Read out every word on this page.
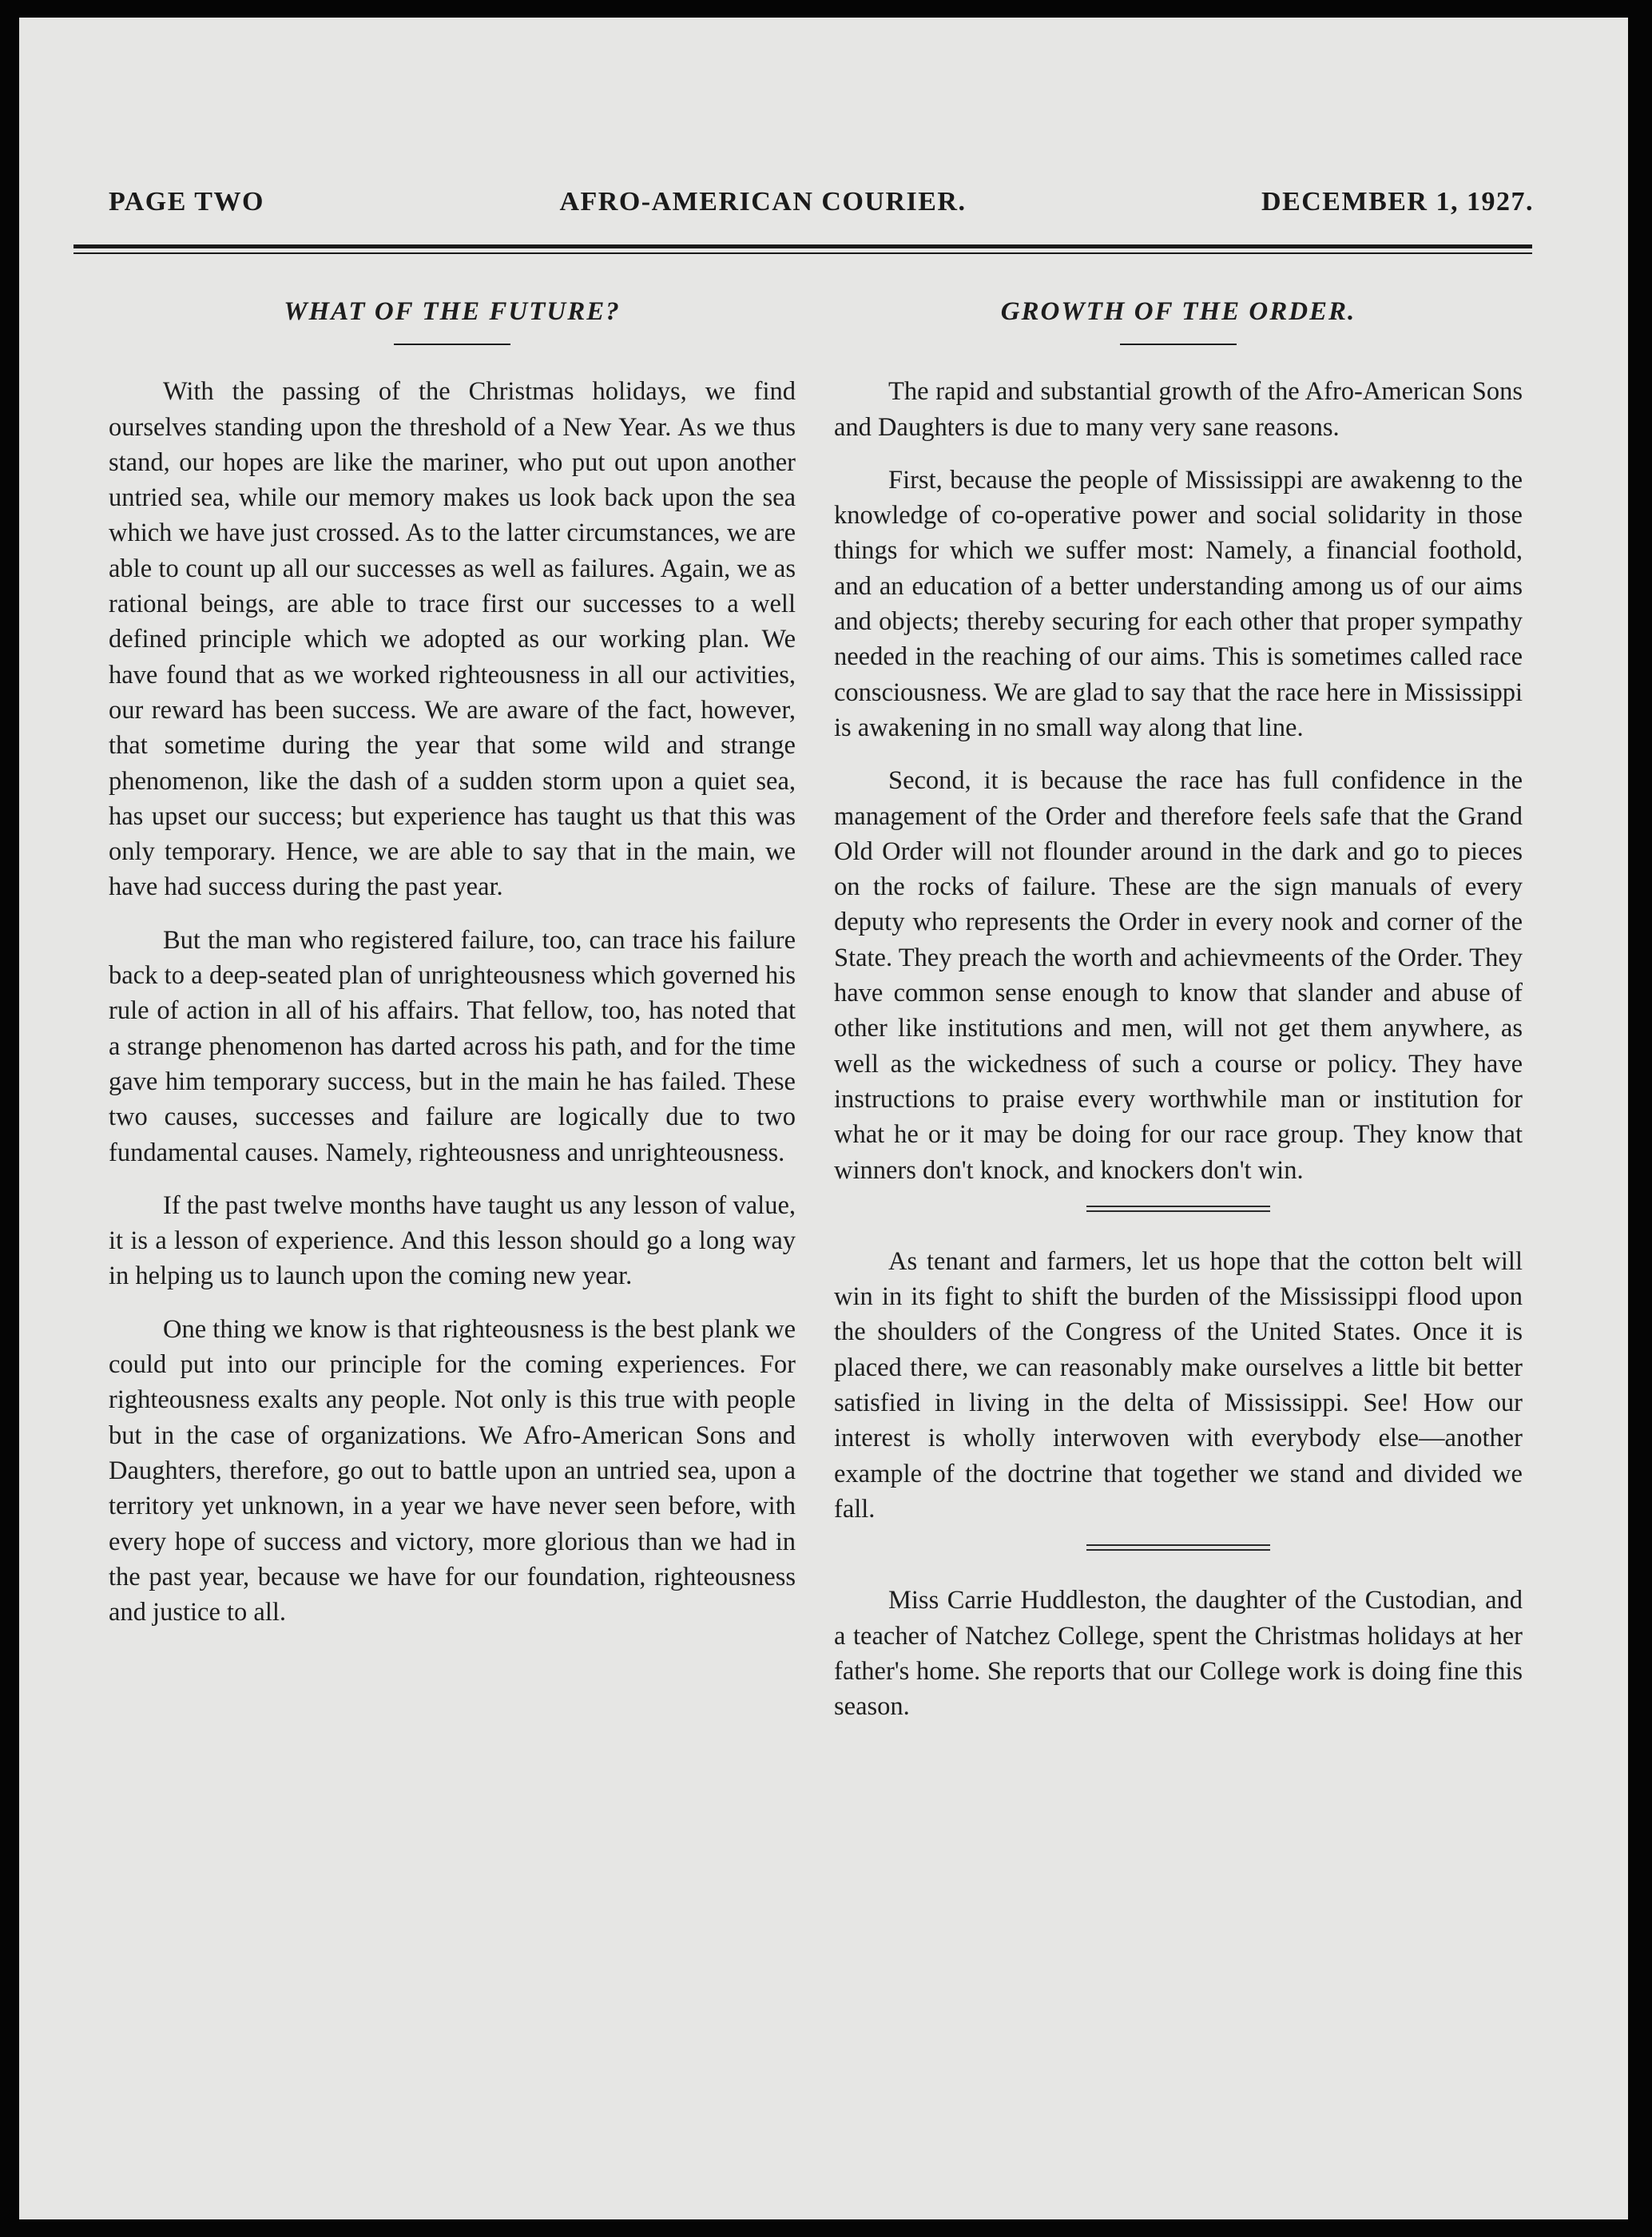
PAGE TWO	AFRO-AMERICAN COURIER.	DECEMBER 1, 1927.
WHAT OF THE FUTURE?

With the passing of the Christmas holidays, we find ourselves standing upon the threshold of a New Year. As we thus stand, our hopes are like the mariner, who put out upon another untried sea, while our memory makes us look back upon the sea which we have just crossed. As to the latter circumstances, we are able to count up all our successes as well as failures. Again, we as rational beings, are able to trace first our successes to a well defined principle which we adopted as our working plan. We have found that as we worked righteousness in all our activities, our reward has been success. We are aware of the fact, however, that sometime during the year that some wild and strange phenomenon, like the dash of a sudden storm upon a quiet sea, has upset our success; but experience has taught us that this was only temporary. Hence, we are able to say that in the main, we have had success during the past year.

But the man who registered failure, too, can trace his failure back to a deep-seated plan of unrighteousness which governed his rule of action in all of his affairs. That fellow, too, has noted that a strange phenomenon has darted across his path, and for the time gave him temporary success, but in the main he has failed. These two causes, successes and failure are logically due to two fundamental causes. Namely, righteousness and unrighteousness.

If the past twelve months have taught us any lesson of value, it is a lesson of experience. And this lesson should go a long way in helping us to launch upon the coming new year.

One thing we know is that righteousness is the best plank we could put into our principle for the coming experiences. For righteousness exalts any people. Not only is this true with people but in the case of organizations. We Afro-American Sons and Daughters, therefore, go out to battle upon an untried sea, upon a territory yet unknown, in a year we have never seen before, with every hope of success and victory, more glorious than we had in the past year, because we have for our foundation, righteousness and justice to all.

GROWTH OF THE ORDER.

The rapid and substantial growth of the Afro-American Sons and Daughters is due to many very sane reasons.

First, because the people of Mississippi are awakenng to the knowledge of co-operative power and social solidarity in those things for which we suffer most: Namely, a financial foothold, and an education of a better understanding among us of our aims and objects; thereby securing for each other that proper sympathy needed in the reaching of our aims. This is sometimes called race consciousness. We are glad to say that the race here in Mississippi is awakening in no small way along that line.

Second, it is because the race has full confidence in the management of the Order and therefore feels safe that the Grand Old Order will not flounder around in the dark and go to pieces on the rocks of failure. These are the sign manuals of every deputy who represents the Order in every nook and corner of the State. They preach the worth and achievmeents of the Order. They have common sense enough to know that slander and abuse of other like institutions and men, will not get them anywhere, as well as the wickedness of such a course or policy. They have instructions to praise every worthwhile man or institution for what he or it may be doing for our race group. They know that winners don't knock, and knockers don't win.

As tenant and farmers, let us hope that the cotton belt will win in its fight to shift the burden of the Mississippi flood upon the shoulders of the Congress of the United States. Once it is placed there, we can reasonably make ourselves a little bit better satisfied in living in the delta of Mississippi. See! How our interest is wholly interwoven with everybody else—another example of the doctrine that together we stand and divided we fall.

Miss Carrie Huddleston, the daughter of the Custodian, and a teacher of Natchez College, spent the Christmas holidays at her father's home. She reports that our College work is doing fine this season.
